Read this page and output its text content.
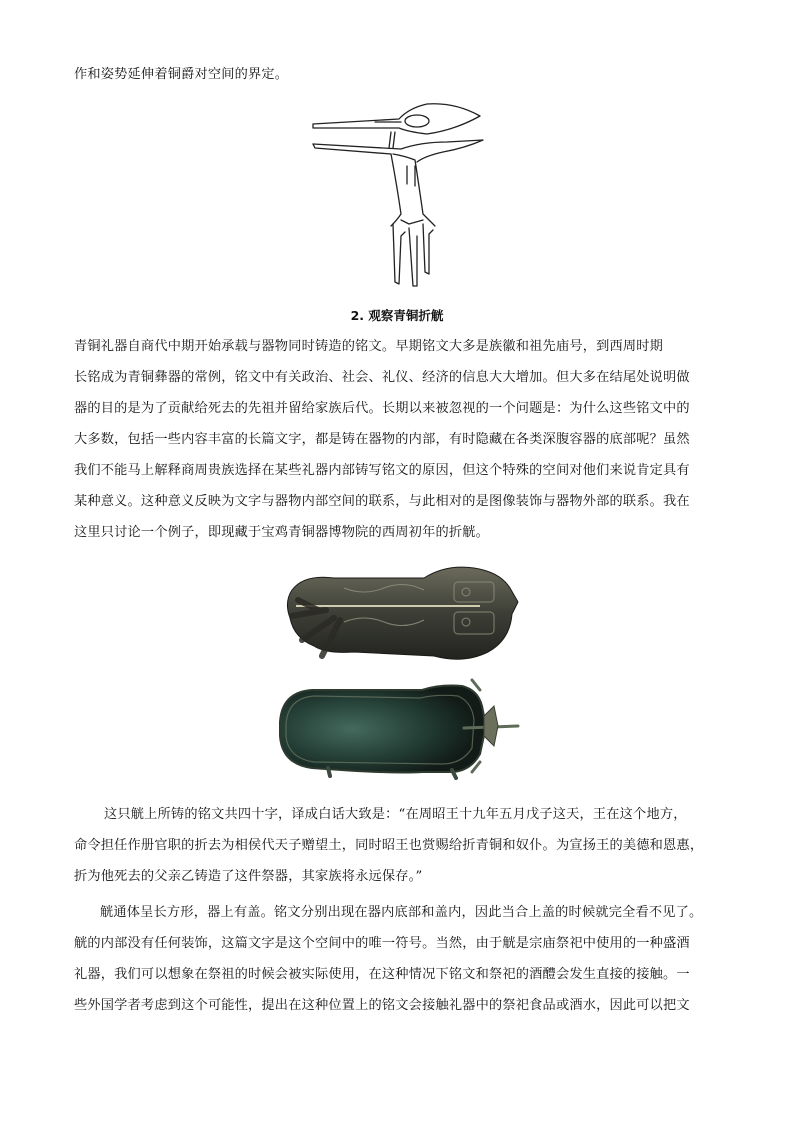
作和姿势延伸着铜爵对空间的界定。
2. 观察青铜折觥
青铜礼器自商代中期开始承载与器物同时铸造的铭文。早期铭文大多是族徽和祖先庙号，到西周时期
长铭成为青铜彝器的常例，铭文中有关政治、社会、礼仪、经济的信息大大增加。但大多在结尾处说明做
器的目的是为了贡献给死去的先祖并留给家族后代。长期以来被忽视的一个问题是：为什么这些铭文中的
大多数，包括一些内容丰富的长篇文字，都是铸在器物的内部，有时隐藏在各类深腹容器的底部呢？虽然
我们不能马上解释商周贵族选择在某些礼器内部铸写铭文的原因，但这个特殊的空间对他们来说肯定具有
某种意义。这种意义反映为文字与器物内部空间的联系，与此相对的是图像装饰与器物外部的联系。我在
这里只讨论一个例子，即现藏于宝鸡青铜器博物院的西周初年的折觥。
这只觥上所铸的铭文共四十字，译成白话大致是：“在周昭王十九年五月戊子这天，王在这个地方，
命令担任作册官职的折去为相侯代天子赠望土，同时昭王也赏赐给折青铜和奴仆。为宣扬王的美德和恩惠，
折为他死去的父亲乙铸造了这件祭器，其家族将永远保存。”
觥通体呈长方形，器上有盖。铭文分别出现在器内底部和盖内，因此当合上盖的时候就完全看不见了。
觥的内部没有任何装饰，这篇文字是这个空间中的唯一符号。当然，由于觥是宗庙祭祀中使用的一种盛酒
礼器，我们可以想象在祭祖的时候会被实际使用，在这种情况下铭文和祭祀的酒醴会发生直接的接触。一
些外国学者考虑到这个可能性，提出在这种位置上的铭文会接触礼器中的祭祀食品或酒水，因此可以把文
